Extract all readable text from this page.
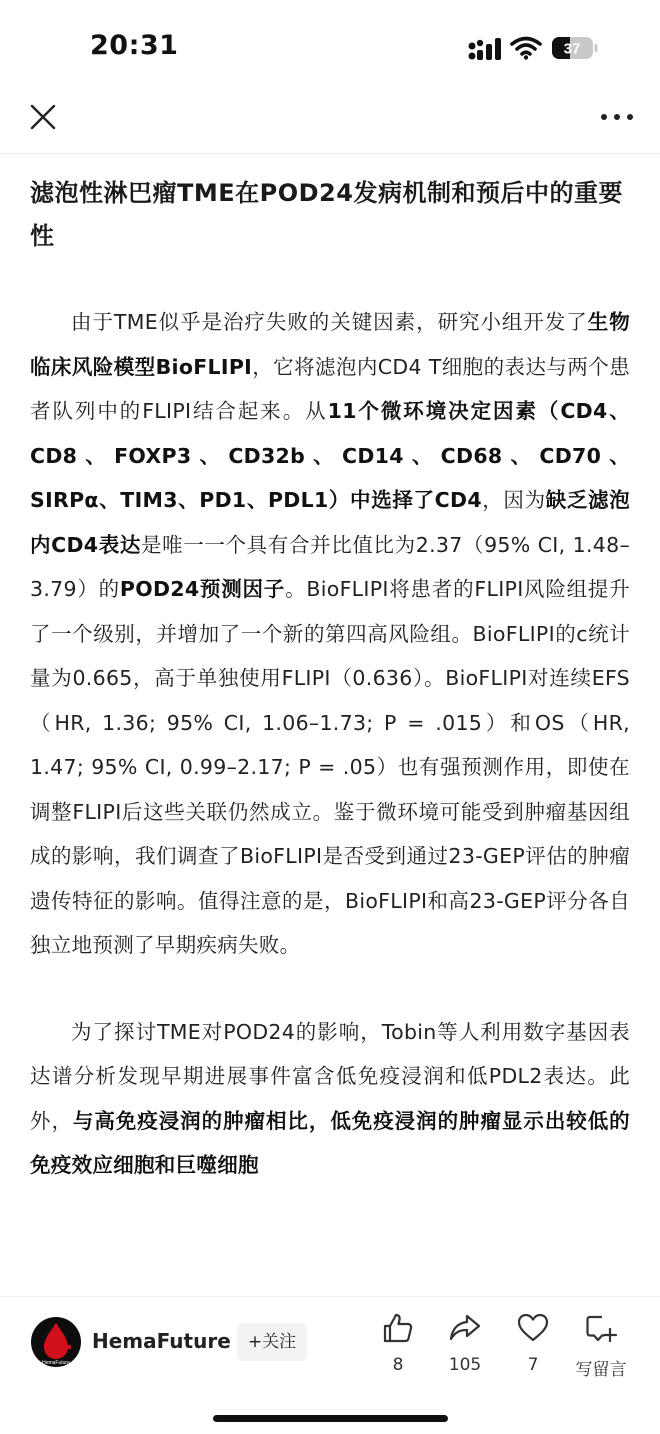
20:31	37
滤泡性淋巴瘤TME在POD24发病机制和预后中的重要性

由于TME似乎是治疗失败的关键因素，研究小组开发了生物临床风险模型BioFLIPI，它将滤泡内CD4 T细胞的表达与两个患者队列中的FLIPI结合起来。从11个微环境决定因素（CD4、CD8、FOXP3、CD32b、CD14、CD68、CD70、SIRPα、TIM3、PD1、PDL1）中选择了CD4，因为缺乏滤泡内CD4表达是唯一一个具有合并比值比为2.37（95% CI, 1.48–3.79）的POD24预测因子。BioFLIPI将患者的FLIPI风险组提升了一个级别，并增加了一个新的第四高风险组。BioFLIPI的c统计量为0.665，高于单独使用FLIPI（0.636）。BioFLIPI对连续EFS（HR, 1.36; 95% CI, 1.06–1.73; P = .015）和OS（HR, 1.47; 95% CI, 0.99–2.17; P = .05）也有强预测作用，即使在调整FLIPI后这些关联仍然成立。鉴于微环境可能受到肿瘤基因组成的影响，我们调查了BioFLIPI是否受到通过23-GEP评估的肿瘤遗传特征的影响。值得注意的是，BioFLIPI和高23-GEP评分各自独立地预测了早期疾病失败。

为了探讨TME对POD24的影响，Tobin等人利用数字基因表达谱分析发现早期进展事件富含低免疫浸润和低PDL2表达。此外，与高免疫浸润的肿瘤相比，低免疫浸润的肿瘤显示出较低的免疫效应细胞和巨噬细胞

HemaFuture
HemaFuture	+关注
8	105	7	写留言
